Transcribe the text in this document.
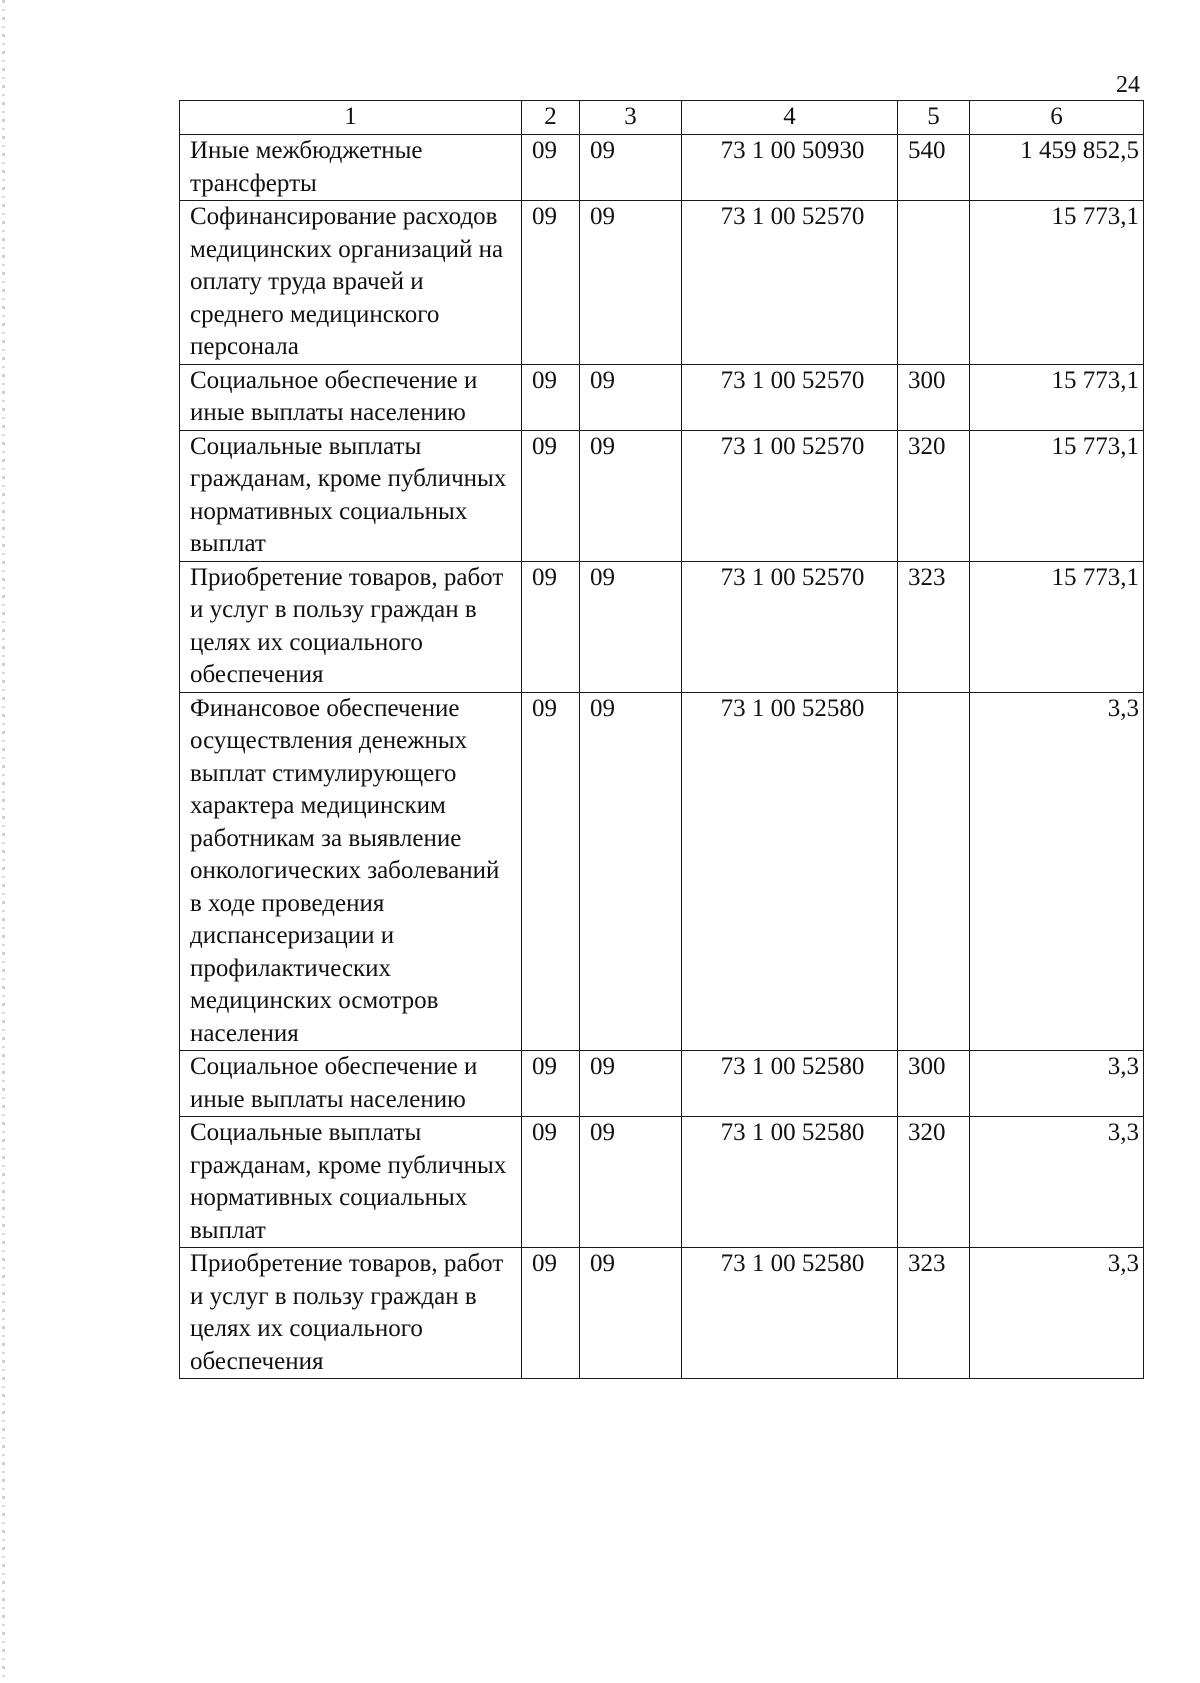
24
1	2	3	4	5	6
Иные межбюджетные трансферты	09	09	73 1 00 50930	540	1 459 852,5
Софинансирование расходов медицинских организаций на оплату труда врачей и среднего медицинского персонала	09	09	73 1 00 52570		15 773,1
Социальное обеспечение и иные выплаты населению	09	09	73 1 00 52570	300	15 773,1
Социальные выплаты гражданам, кроме публичных нормативных социальных выплат	09	09	73 1 00 52570	320	15 773,1
Приобретение товаров, работ и услуг в пользу граждан в целях их социального обеспечения	09	09	73 1 00 52570	323	15 773,1
Финансовое обеспечение осуществления денежных выплат стимулирующего характера медицинским работникам за выявление онкологических заболеваний в ходе проведения диспансеризации и профилактических медицинских осмотров населения	09	09	73 1 00 52580		3,3
Социальное обеспечение и иные выплаты населению	09	09	73 1 00 52580	300	3,3
Социальные выплаты гражданам, кроме публичных нормативных социальных выплат	09	09	73 1 00 52580	320	3,3
Приобретение товаров, работ и услуг в пользу граждан в целях их социального обеспечения	09	09	73 1 00 52580	323	3,3
